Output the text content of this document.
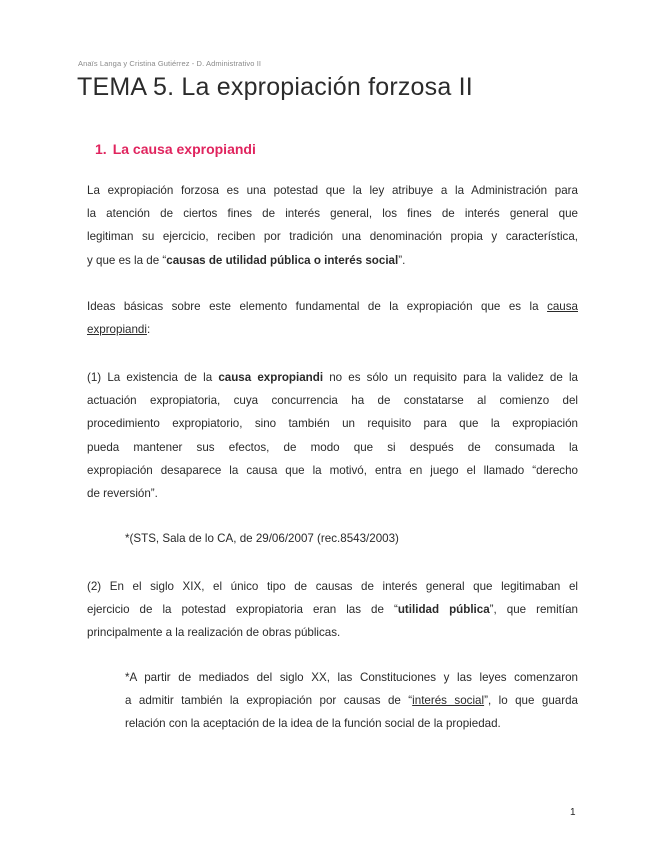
Anaïs Langa y Cristina Gutiérrez - D. Administrativo II
TEMA 5. La expropiación forzosa II
1. La causa expropiandi
La expropiación forzosa es una potestad que la ley atribuye a la Administración para
la atención de ciertos fines de interés general, los fines de interés general que
legitiman su ejercicio, reciben por tradición una denominación propia y característica,
y que es la de “causas de utilidad pública o interés social”.
Ideas básicas sobre este elemento fundamental de la expropiación que es la causa
expropiandi:
(1) La existencia de la causa expropiandi no es sólo un requisito para la validez de la
actuación expropiatoria, cuya concurrencia ha de constatarse al comienzo del
procedimiento expropiatorio, sino también un requisito para que la expropiación
pueda mantener sus efectos, de modo que si después de consumada la
expropiación desaparece la causa que la motivó, entra en juego el llamado “derecho
de reversión”.
*(STS, Sala de lo CA, de 29/06/2007 (rec.8543/2003)
(2) En el siglo XIX, el único tipo de causas de interés general que legitimaban el
ejercicio de la potestad expropiatoria eran las de “utilidad pública”, que remitían
principalmente a la realización de obras públicas.
*A partir de mediados del siglo XX, las Constituciones y las leyes comenzaron
a admitir también la expropiación por causas de “interés social”, lo que guarda
relación con la aceptación de la idea de la función social de la propiedad.
1
